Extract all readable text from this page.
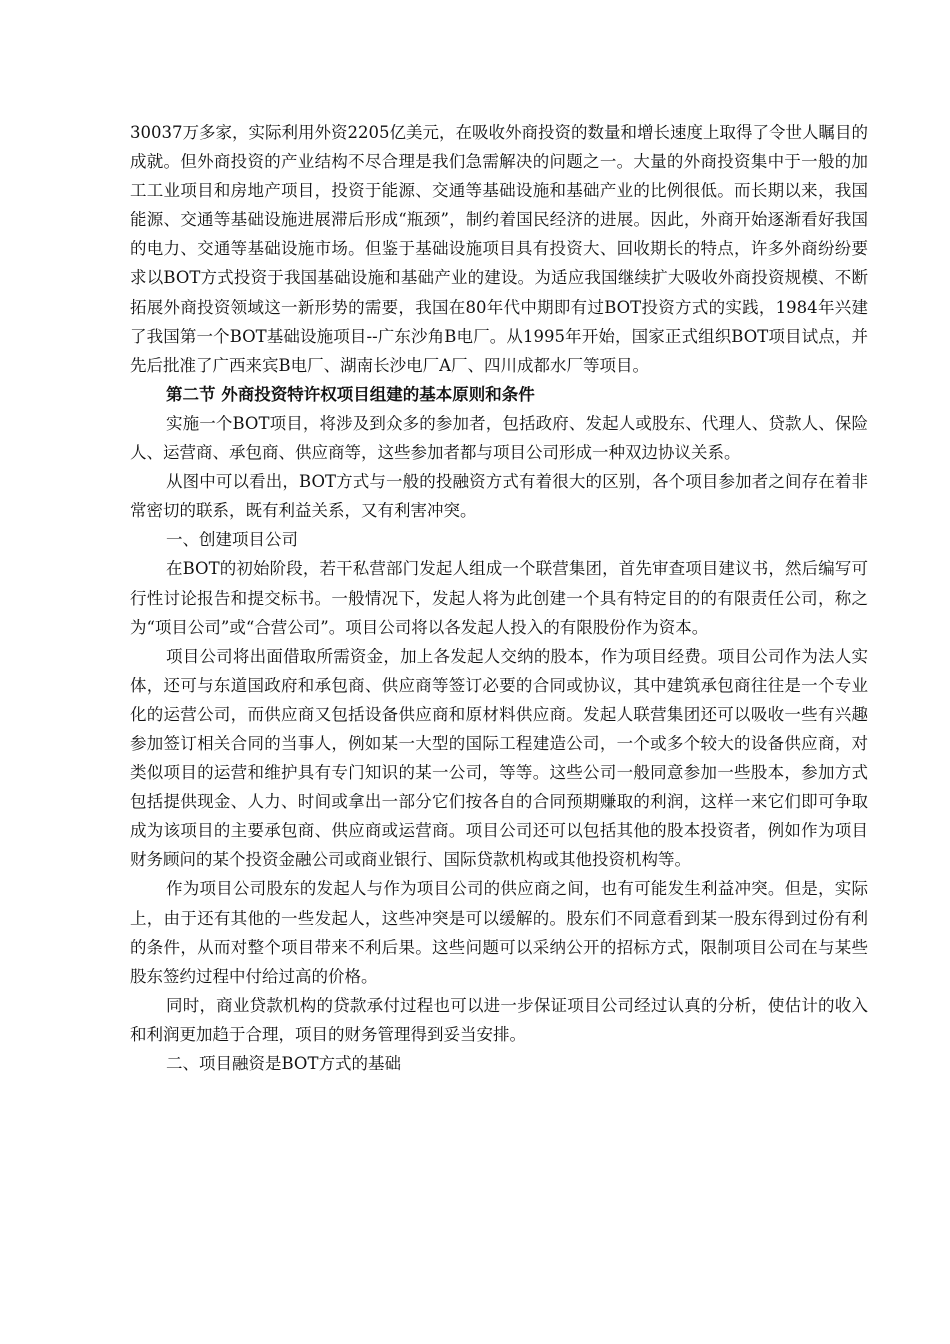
30037万多家，实际利用外资2205亿美元，在吸收外商投资的数量和增长速度上取得了令世人瞩目的成就。但外商投资的产业结构不尽合理是我们急需解决的问题之一。大量的外商投资集中于一般的加工工业项目和房地产项目，投资于能源、交通等基础设施和基础产业的比例很低。而长期以来，我国能源、交通等基础设施进展滞后形成“瓶颈”，制约着国民经济的进展。因此，外商开始逐渐看好我国的电力、交通等基础设施市场。但鉴于基础设施项目具有投资大、回收期长的特点，许多外商纷纷要求以BOT方式投资于我国基础设施和基础产业的建设。为适应我国继续扩大吸收外商投资规模、不断拓展外商投资领域这一新形势的需要，我国在80年代中期即有过BOT投资方式的实践，1984年兴建了我国第一个BOT基础设施项目--广东沙角B电厂。从1995年开始，国家正式组织BOT项目试点，并先后批准了广西来宾B电厂、湖南长沙电厂A厂、四川成都水厂等项目。

第二节 外商投资特许权项目组建的基本原则和条件

实施一个BOT项目，将涉及到众多的参加者，包括政府、发起人或股东、代理人、贷款人、保险人、运营商、承包商、供应商等，这些参加者都与项目公司形成一种双边协议关系。

从图中可以看出，BOT方式与一般的投融资方式有着很大的区别，各个项目参加者之间存在着非常密切的联系，既有利益关系，又有利害冲突。

一、创建项目公司

在BOT的初始阶段，若干私营部门发起人组成一个联营集团，首先审查项目建议书，然后编写可行性讨论报告和提交标书。一般情况下，发起人将为此创建一个具有特定目的的有限责任公司，称之为“项目公司”或“合营公司”。项目公司将以各发起人投入的有限股份作为资本。

项目公司将出面借取所需资金，加上各发起人交纳的股本，作为项目经费。项目公司作为法人实体，还可与东道国政府和承包商、供应商等签订必要的合同或协议，其中建筑承包商往往是一个专业化的运营公司，而供应商又包括设备供应商和原材料供应商。发起人联营集团还可以吸收一些有兴趣参加签订相关合同的当事人，例如某一大型的国际工程建造公司，一个或多个较大的设备供应商，对类似项目的运营和维护具有专门知识的某一公司，等等。这些公司一般同意参加一些股本，参加方式包括提供现金、人力、时间或拿出一部分它们按各自的合同预期赚取的利润，这样一来它们即可争取成为该项目的主要承包商、供应商或运营商。项目公司还可以包括其他的股本投资者，例如作为项目财务顾问的某个投资金融公司或商业银行、国际贷款机构或其他投资机构等。

作为项目公司股东的发起人与作为项目公司的供应商之间，也有可能发生利益冲突。但是，实际上，由于还有其他的一些发起人，这些冲突是可以缓解的。股东们不同意看到某一股东得到过份有利的条件，从而对整个项目带来不利后果。这些问题可以采纳公开的招标方式，限制项目公司在与某些股东签约过程中付给过高的价格。

同时，商业贷款机构的贷款承付过程也可以进一步保证项目公司经过认真的分析，使估计的收入和利润更加趋于合理，项目的财务管理得到妥当安排。

二、项目融资是BOT方式的基础
